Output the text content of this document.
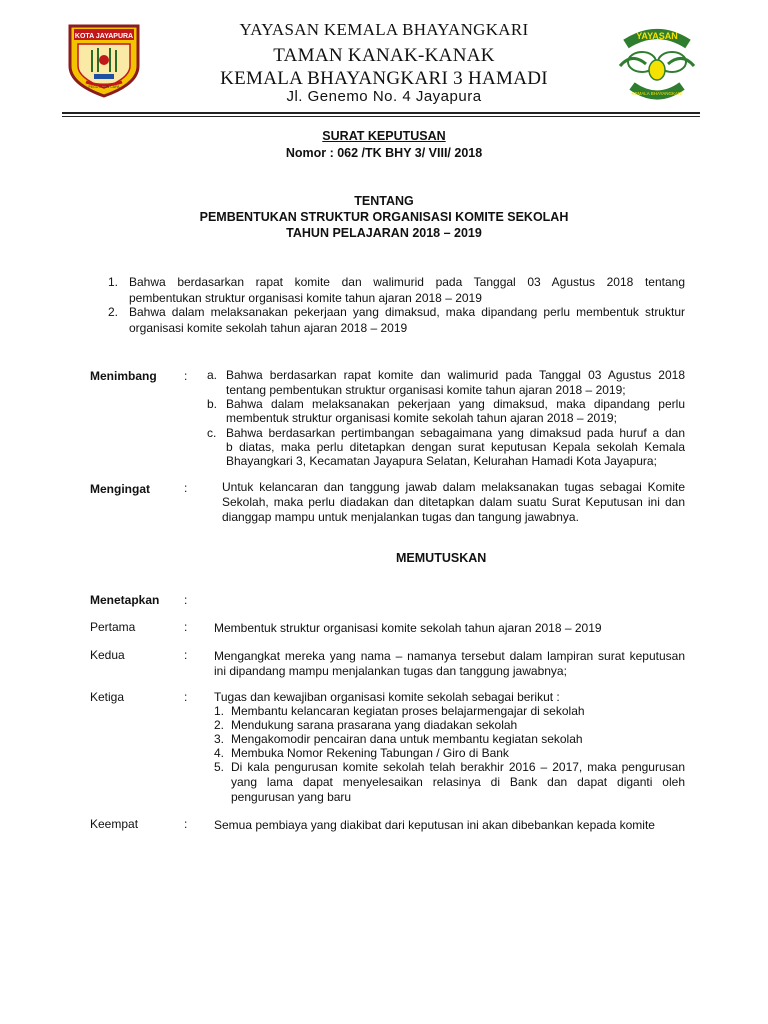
KOTA JAYAPURA
PEGUTA KIN CAPA
YAYASAN
KEMALA BHAYANGKARI
YAYASAN KEMALA BHAYANGKARI
TAMAN KANAK-KANAK
KEMALA BHAYANGKARI 3 HAMADI
Jl. Genemo No. 4 Jayapura
SURAT KEPUTUSAN
Nomor : 062 /TK BHY 3/ VIII/ 2018
TENTANG
PEMBENTUKAN STRUKTUR ORGANISASI KOMITE SEKOLAH
TAHUN PELAJARAN 2018 – 2019
1. Bahwa berdasarkan rapat komite dan walimurid pada Tanggal 03 Agustus 2018 tentang
pembentukan struktur organisasi komite tahun ajaran 2018 – 2019
2. Bahwa dalam melaksanakan pekerjaan yang dimaksud, maka dipandang perlu membentuk struktur
organisasi komite sekolah tahun ajaran 2018 – 2019
Menimbang : a. Bahwa berdasarkan rapat komite dan walimurid pada Tanggal 03 Agustus 2018
tentang pembentukan struktur organisasi komite tahun ajaran 2018 – 2019;
b. Bahwa dalam melaksanakan pekerjaan yang dimaksud, maka dipandang perlu
membentuk struktur organisasi komite sekolah tahun ajaran 2018 – 2019;
c. Bahwa berdasarkan pertimbangan sebagaimana yang dimaksud pada huruf a dan
b diatas, maka perlu ditetapkan dengan surat keputusan Kepala sekolah Kemala
Bhayangkari 3, Kecamatan Jayapura Selatan, Kelurahan Hamadi Kota Jayapura;
Mengingat	:	Untuk kelancaran dan tanggung jawab dalam melaksanakan tugas sebagai Komite
Sekolah, maka perlu diadakan dan ditetapkan dalam suatu Surat Keputusan ini dan
dianggap mampu untuk menjalankan tugas dan tangung jawabnya.
MEMUTUSKAN
Menetapkan :
Pertama	: Membentuk struktur organisasi komite sekolah tahun ajaran 2018 – 2019
Kedua	: Mengangkat mereka yang nama – namanya tersebut dalam lampiran surat keputusan
ini dipandang mampu menjalankan tugas dan tanggung jawabnya;
Ketiga	: Tugas dan kewajiban organisasi komite sekolah sebagai berikut :
1. Membantu kelancaran kegiatan proses belajarmengajar di sekolah
2. Mendukung sarana prasarana yang diadakan sekolah
3. Mengakomodir pencairan dana untuk membantu kegiatan sekolah
4. Membuka Nomor Rekening Tabungan / Giro di Bank
5. Di kala pengurusan komite sekolah telah berakhir 2016 – 2017, maka pengurusan
yang lama dapat menyelesaikan relasinya di Bank dan dapat diganti oleh
pengurusan yang baru
Keempat	: Semua pembiaya yang diakibat dari keputusan ini akan dibebankan kepada komite
